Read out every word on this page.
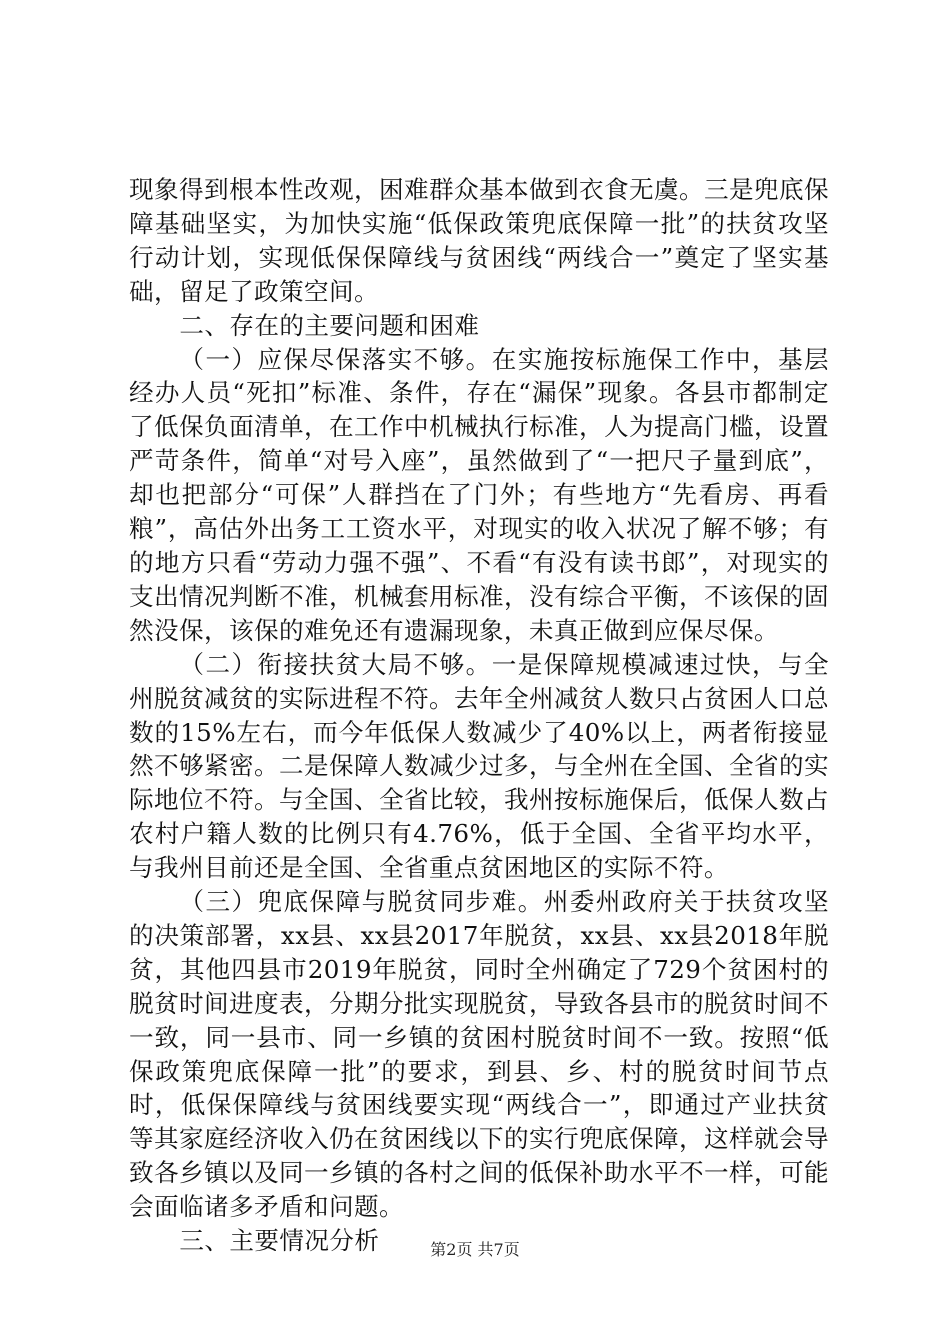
现象得到根本性改观，困难群众基本做到衣食无虞。三是兜底保障基础坚实，为加快实施“低保政策兜底保障一批”的扶贫攻坚行动计划，实现低保保障线与贫困线“两线合一”奠定了坚实基础，留足了政策空间。

二、存在的主要问题和困难

（一）应保尽保落实不够。在实施按标施保工作中，基层经办人员“死扣”标准、条件，存在“漏保”现象。各县市都制定了低保负面清单，在工作中机械执行标准，人为提高门槛，设置严苛条件，简单“对号入座”，虽然做到了“一把尺子量到底”，却也把部分“可保”人群挡在了门外；有些地方“先看房、再看粮”，高估外出务工工资水平，对现实的收入状况了解不够；有的地方只看“劳动力强不强”、不看“有没有读书郎”，对现实的支出情况判断不准，机械套用标准，没有综合平衡，不该保的固然没保，该保的难免还有遗漏现象，未真正做到应保尽保。

（二）衔接扶贫大局不够。一是保障规模减速过快，与全州脱贫减贫的实际进程不符。去年全州减贫人数只占贫困人口总数的15%左右，而今年低保人数减少了40%以上，两者衔接显然不够紧密。二是保障人数减少过多，与全州在全国、全省的实际地位不符。与全国、全省比较，我州按标施保后，低保人数占农村户籍人数的比例只有4.76%，低于全国、全省平均水平，与我州目前还是全国、全省重点贫困地区的实际不符。

（三）兜底保障与脱贫同步难。州委州政府关于扶贫攻坚的决策部署，xx县、xx县2017年脱贫，xx县、xx县2018年脱贫，其他四县市2019年脱贫，同时全州确定了729个贫困村的脱贫时间进度表，分期分批实现脱贫，导致各县市的脱贫时间不一致，同一县市、同一乡镇的贫困村脱贫时间不一致。按照“低保政策兜底保障一批”的要求，到县、乡、村的脱贫时间节点时，低保保障线与贫困线要实现“两线合一”，即通过产业扶贫等其家庭经济收入仍在贫困线以下的实行兜底保障，这样就会导致各乡镇以及同一乡镇的各村之间的低保补助水平不一样，可能会面临诸多矛盾和问题。

三、主要情况分析	第2页 共7页
